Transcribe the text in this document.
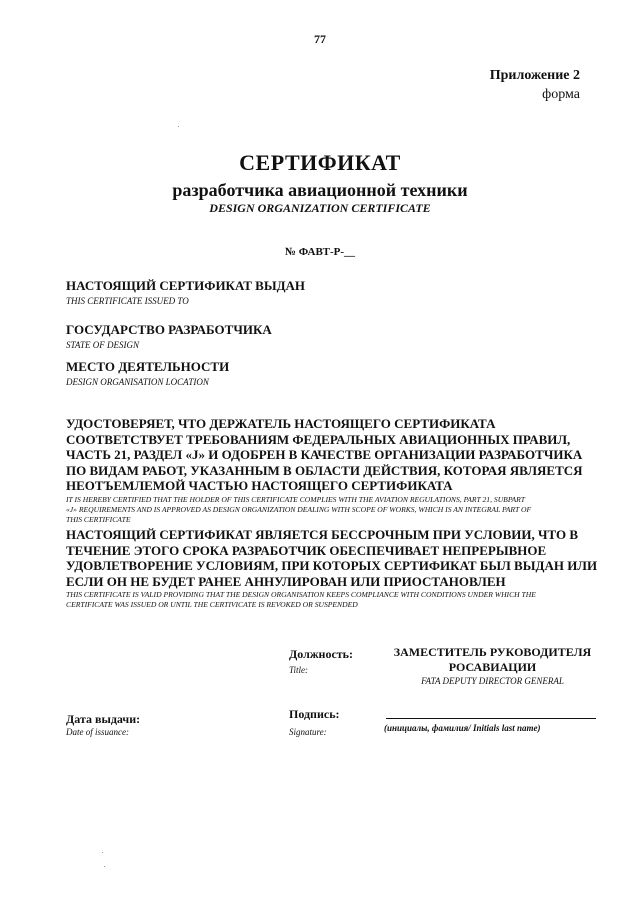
77
Приложение 2
форма
СЕРТИФИКАТ
разработчика авиационной техники
DESIGN ORGANIZATION CERTIFICATE
№ ФАВТ-Р-__
НАСТОЯЩИЙ СЕРТИФИКАТ ВЫДАН
THIS CERTIFICATE ISSUED TO
ГОСУДАРСТВО РАЗРАБОТЧИКА
STATE OF DESIGN
МЕСТО ДЕЯТЕЛЬНОСТИ
DESIGN ORGANISATION LOCATION
УДОСТОВЕРЯЕТ, ЧТО ДЕРЖАТЕЛЬ НАСТОЯЩЕГО СЕРТИФИКАТА
СООТВЕТСТВУЕТ ТРЕБОВАНИЯМ ФЕДЕРАЛЬНЫХ АВИАЦИОННЫХ ПРАВИЛ,
ЧАСТЬ 21, РАЗДЕЛ «J» И ОДОБРЕН В КАЧЕСТВЕ ОРГАНИЗАЦИИ РАЗРАБОТЧИКА
ПО ВИДАМ РАБОТ, УКАЗАННЫМ В ОБЛАСТИ ДЕЙСТВИЯ, КОТОРАЯ ЯВЛЯЕТСЯ
НЕОТЪЕМЛЕМОЙ ЧАСТЬЮ НАСТОЯЩЕГО СЕРТИФИКАТА
IT IS HEREBY CERTIFIED THAT THE HOLDER OF THIS CERTIFICATE COMPLIES WITH THE AVIATION REGULATIONS, PART 21, SUBPART
«J» REQUIREMENTS AND IS APPROVED AS DESIGN ORGANIZATION DEALING WITH SCOPE OF WORKS, WHICH IS AN INTEGRAL PART OF
THIS CERTIFICATE
НАСТОЯЩИЙ СЕРТИФИКАТ ЯВЛЯЕТСЯ БЕССРОЧНЫМ ПРИ УСЛОВИИ, ЧТО В
ТЕЧЕНИЕ ЭТОГО СРОКА РАЗРАБОТЧИК ОБЕСПЕЧИВАЕТ НЕПРЕРЫВНОЕ
УДОВЛЕТВОРЕНИЕ УСЛОВИЯМ, ПРИ КОТОРЫХ СЕРТИФИКАТ БЫЛ ВЫДАН ИЛИ
ЕСЛИ ОН НЕ БУДЕТ РАНЕЕ АННУЛИРОВАН ИЛИ ПРИОСТАНОВЛЕН
THIS CERTIFICATE IS VALID PROVIDING THAT THE DESIGN ORGANISATION KEEPS COMPLIANCE WITH CONDITIONS UNDER WHICH THE
CERTIFICATE WAS ISSUED OR UNTIL THE CERTIVICATE IS REVOKED OR SUSPENDED
Должность:
Title:
ЗАМЕСТИТЕЛЬ РУКОВОДИТЕЛЯ
РОСАВИАЦИИ
FATA DEPUTY DIRECTOR GENERAL
Дата выдачи:
Date of issuance:
Подпись:
Signature:	(инициалы, фамилия/ Initials last name)
